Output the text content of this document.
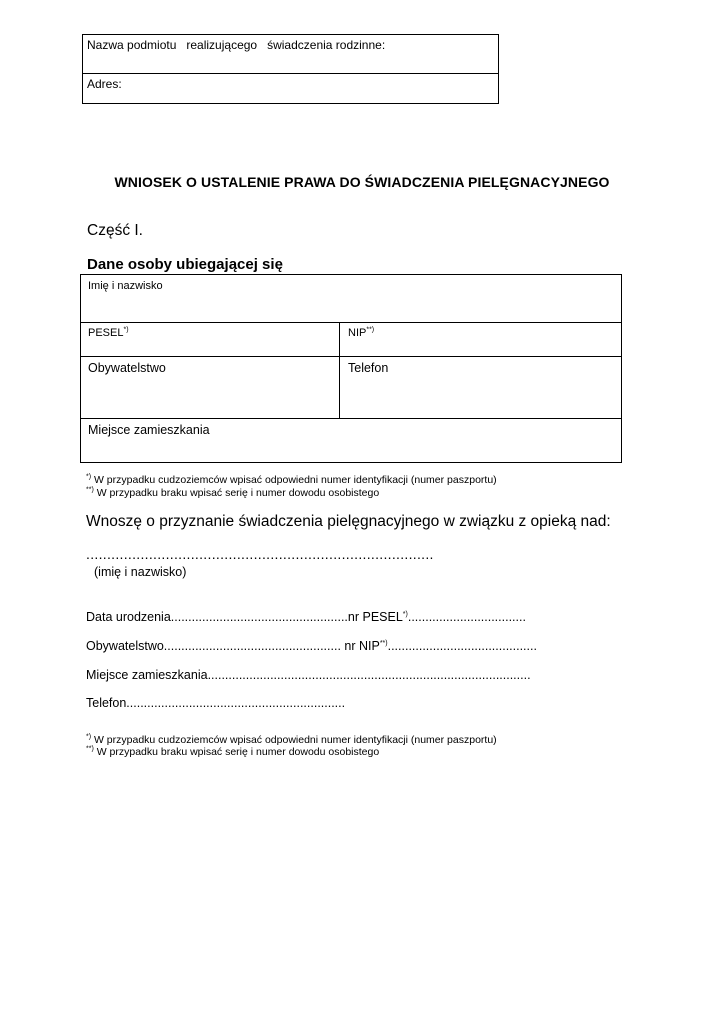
Nazwa podmiotu   realizującego   świadczenia rodzinne:
Adres:
WNIOSEK O USTALENIE PRAWA DO ŚWIADCZENIA PIELĘGNACYJNEGO
Część I.
Dane osoby ubiegającej się
Imię i nazwisko
PESEL*)	NIP**)
Obywatelstwo	Telefon
Miejsce zamieszkania
*) W przypadku cudzoziemców wpisać odpowiedni numer identyfikacji (numer paszportu)
**) W przypadku braku wpisać serię i numer dowodu osobistego
Wnoszę o przyznanie świadczenia pielęgnacyjnego w związku z opieką nad:
...................................................................................
(imię i nazwisko)
Data urodzenia...................................................nr PESEL*)..................................
Obywatelstwo................................................... nr NIP**)...........................................
Miejsce zamieszkania.............................................................................................
Telefon...............................................................
*) W przypadku cudzoziemców wpisać odpowiedni numer identyfikacji (numer paszportu)
**) W przypadku braku wpisać serię i numer dowodu osobistego
